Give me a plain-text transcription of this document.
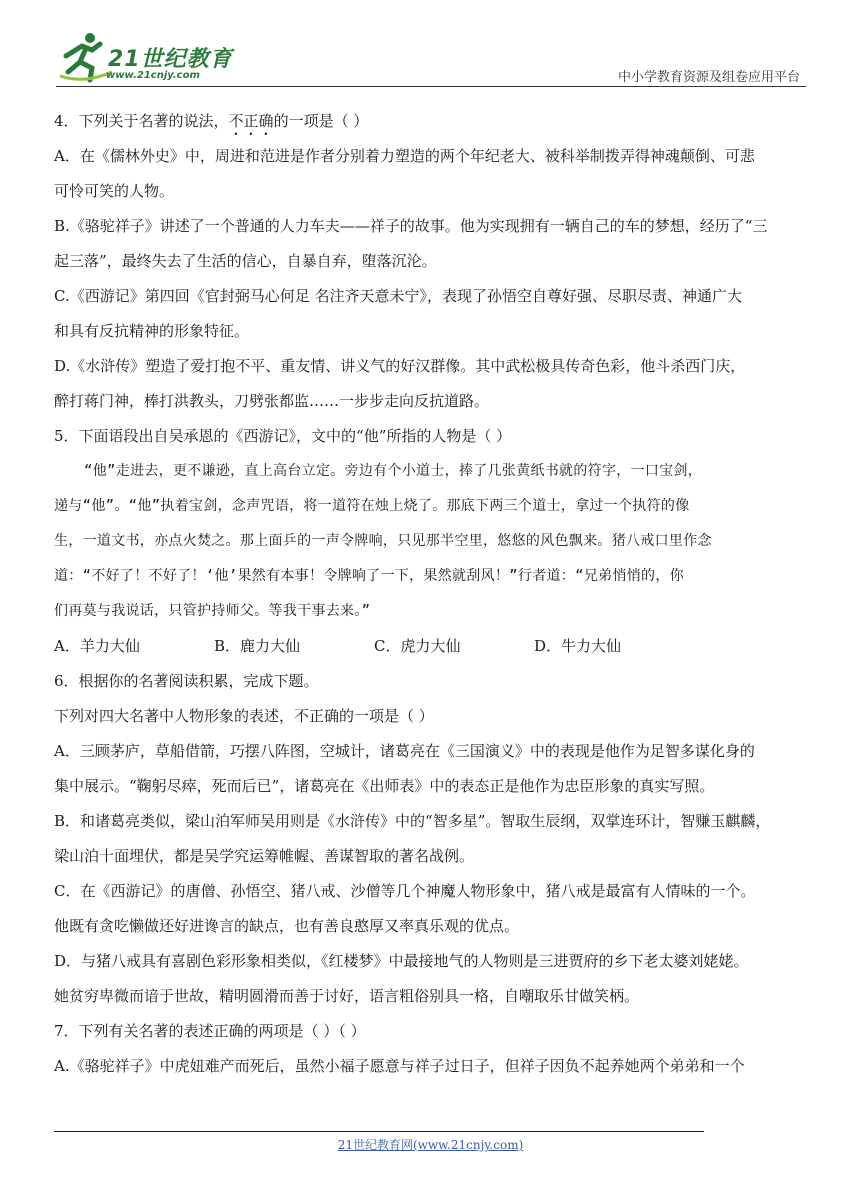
21世纪教育
www.21cnjy.com	中小学教育资源及组卷应用平台

4．下列关于名著的说法，不正确的一项是（ ）

A．在《儒林外史》中，周进和范进是作者分别着力塑造的两个年纪老大、被科举制拨弄得神魂颠倒、可悲
可怜可笑的人物。

B.《骆驼祥子》讲述了一个普通的人力车夫——祥子的故事。他为实现拥有一辆自己的车的梦想，经历了“三
起三落”，最终失去了生活的信心，自暴自弃，堕落沉沦。

C.《西游记》第四回《官封弼马心何足 名注齐天意未宁》，表现了孙悟空自尊好强、尽职尽责、神通广大
和具有反抗精神的形象特征。

D.《水浒传》塑造了爱打抱不平、重友情、讲义气的好汉群像。其中武松极具传奇色彩，他斗杀西门庆，
醉打蒋门神，棒打洪教头，刀劈张都监……一步步走向反抗道路。

5．下面语段出自吴承恩的《西游记》，文中的“他”所指的人物是（ ）

“他”走进去，更不谦逊，直上高台立定。旁边有个小道士，捧了几张黄纸书就的符字，一口宝剑，
递与“他”。“他”执着宝剑，念声咒语，将一道符在烛上烧了。那底下两三个道士，拿过一个执符的像
生，一道文书，亦点火焚之。那上面乒的一声令牌响，只见那半空里，悠悠的风色飘来。猪八戒口里作念
道：“不好了！不好了！‘他’果然有本事！令牌响了一下，果然就刮风！”行者道：“兄弟悄悄的，你
们再莫与我说话，只管护持师父。等我干事去来。”

A．羊力大仙	B．鹿力大仙	C．虎力大仙	D．牛力大仙

6．根据你的名著阅读积累，完成下题。

下列对四大名著中人物形象的表述，不正确的一项是（ ）

A．三顾茅庐，草船借箭，巧摆八阵图，空城计，诸葛亮在《三国演义》中的表现是他作为足智多谋化身的
集中展示。“鞠躬尽瘁，死而后已”，诸葛亮在《出师表》中的表态正是他作为忠臣形象的真实写照。

B．和诸葛亮类似，梁山泊军师吴用则是《水浒传》中的“智多星”。智取生辰纲，双掌连环计，智赚玉麒麟，
梁山泊十面埋伏，都是吴学究运筹帷幄、善谋智取的著名战例。

C．在《西游记》的唐僧、孙悟空、猪八戒、沙僧等几个神魔人物形象中，猪八戒是最富有人情味的一个。
他既有贪吃懒做还好进谗言的缺点，也有善良憨厚又率真乐观的优点。

D．与猪八戒具有喜剧色彩形象相类似，《红楼梦》中最接地气的人物则是三进贾府的乡下老太婆刘姥姥。
她贫穷卑微而谙于世故，精明圆滑而善于讨好，语言粗俗别具一格，自嘲取乐甘做笑柄。

7．下列有关名著的表述正确的两项是（ ）（ ）

A.《骆驼祥子》中虎妞难产而死后，虽然小福子愿意与祥子过日子，但祥子因负不起养她两个弟弟和一个

21世纪教育网(www.21cnjy.com)
